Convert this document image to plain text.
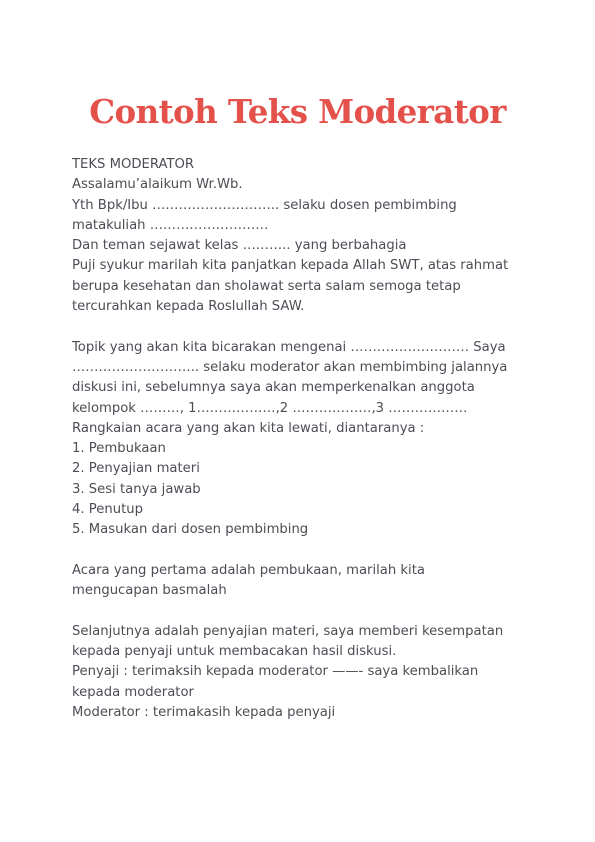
Contoh Teks Moderator
TEKS MODERATOR
Assalamu’alaikum Wr.Wb.
Yth Bpk/Ibu ……………………….. selaku dosen pembimbing
matakuliah ………………………
Dan teman sejawat kelas ……….. yang berbahagia
Puji syukur marilah kita panjatkan kepada Allah SWT, atas rahmat
berupa kesehatan dan sholawat serta salam semoga tetap
tercurahkan kepada Roslullah SAW.
Topik yang akan kita bicarakan mengenai ……………………… Saya
……………………….. selaku moderator akan membimbing jalannya
diskusi ini, sebelumnya saya akan memperkenalkan anggota
kelompok ………, 1………………,2 ………………,3 ………………
Rangkaian acara yang akan kita lewati, diantaranya :
1. Pembukaan
2. Penyajian materi
3. Sesi tanya jawab
4. Penutup
5. Masukan dari dosen pembimbing
Acara yang pertama adalah pembukaan, marilah kita
mengucapan basmalah
Selanjutnya adalah penyajian materi, saya memberi kesempatan
kepada penyaji untuk membacakan hasil diskusi.
Penyaji : terimaksih kepada moderator ——- saya kembalikan
kepada moderator
Moderator : terimakasih kepada penyaji
